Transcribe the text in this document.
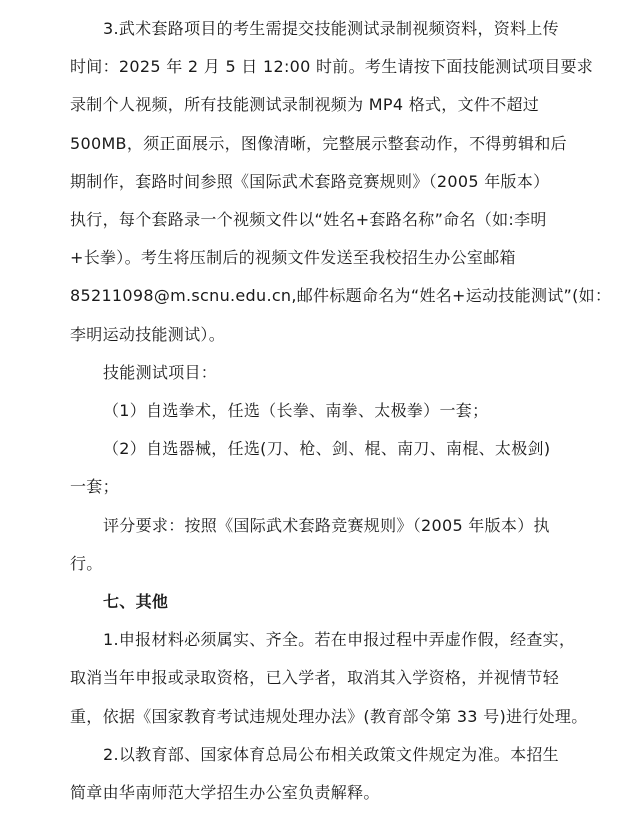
3.武术套路项目的考生需提交技能测试录制视频资料，资料上传
时间：2025 年 2 月 5 日 12:00 时前。考生请按下面技能测试项目要求
录制个人视频，所有技能测试录制视频为 MP4 格式，文件不超过
500MB，须正面展示，图像清晰，完整展示整套动作，不得剪辑和后
期制作，套路时间参照《国际武术套路竞赛规则》（2005 年版本）
执行，每个套路录一个视频文件以“姓名+套路名称”命名（如:李明
+长拳）。考生将压制后的视频文件发送至我校招生办公室邮箱
85211098@m.scnu.edu.cn,邮件标题命名为“姓名+运动技能测试”(如：
李明运动技能测试）。
技能测试项目：
（1）自选拳术，任选（长拳、南拳、太极拳）一套；
（2）自选器械，任选(刀、枪、剑、棍、南刀、南棍、太极剑)
一套；
评分要求：按照《国际武术套路竞赛规则》（2005 年版本）执
行。
七、其他
1.申报材料必须属实、齐全。若在申报过程中弄虚作假，经查实，
取消当年申报或录取资格，已入学者，取消其入学资格，并视情节轻
重，依据《国家教育考试违规处理办法》(教育部令第 33 号)进行处理。
2.以教育部、国家体育总局公布相关政策文件规定为准。本招生
简章由华南师范大学招生办公室负责解释。
